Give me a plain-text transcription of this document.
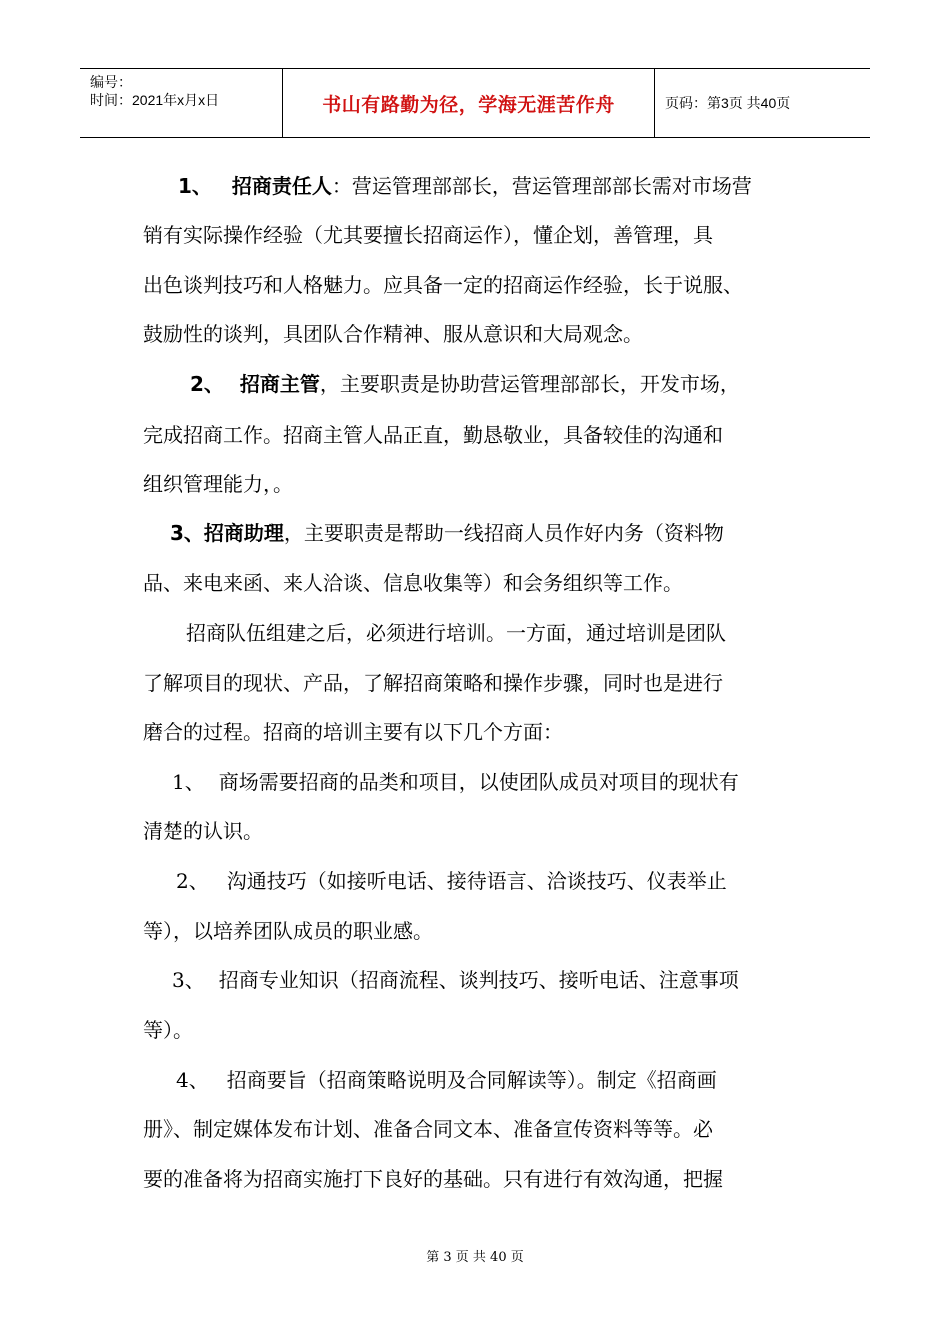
编号：
时间：2021年x月x日	书山有路勤为径，学海无涯苦作舟	页码：第3页 共40页
1、 招商责任人：营运管理部部长，营运管理部部长需对市场营
销有实际操作经验（尤其要擅长招商运作），懂企划，善管理，具
出色谈判技巧和人格魅力。应具备一定的招商运作经验，长于说服、
鼓励性的谈判，具团队合作精神、服从意识和大局观念。
2、 招商主管，主要职责是协助营运管理部部长，开发市场，
完成招商工作。招商主管人品正直，勤恳敬业，具备较佳的沟通和
组织管理能力，。
3、招商助理，主要职责是帮助一线招商人员作好内务（资料物
品、来电来函、来人洽谈、信息收集等）和会务组织等工作。
招商队伍组建之后，必须进行培训。一方面，通过培训是团队
了解项目的现状、产品，了解招商策略和操作步骤，同时也是进行
磨合的过程。招商的培训主要有以下几个方面：
1、 商场需要招商的品类和项目，以使团队成员对项目的现状有
清楚的认识。
2、 沟通技巧（如接听电话、接待语言、洽谈技巧、仪表举止
等），以培养团队成员的职业感。
3、 招商专业知识（招商流程、谈判技巧、接听电话、注意事项
等）。
4、 招商要旨（招商策略说明及合同解读等）。制定《招商画
册》、制定媒体发布计划、准备合同文本、准备宣传资料等等。必
要的准备将为招商实施打下良好的基础。只有进行有效沟通，把握
第 3 页 共 40 页
